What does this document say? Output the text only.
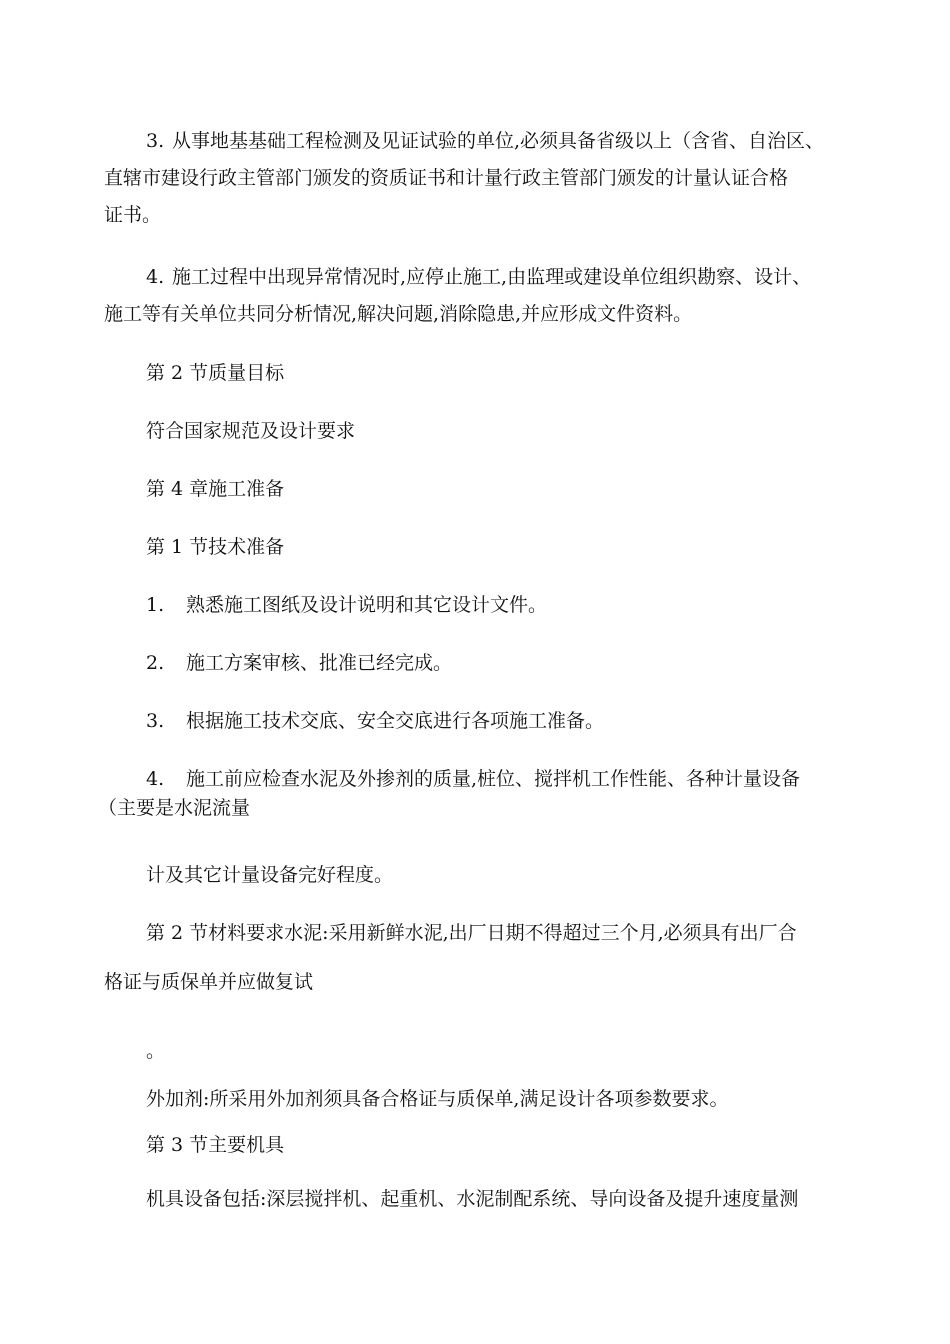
3. 从事地基基础工程检测及见证试验的单位,必须具备省级以上（含省、自治区、
直辖市建设行政主管部门颁发的资质证书和计量行政主管部门颁发的计量认证合格
证书。
4. 施工过程中出现异常情况时,应停止施工,由监理或建设单位组织勘察、设计、
施工等有关单位共同分析情况,解决问题,消除隐患,并应形成文件资料。
第 2 节质量目标
符合国家规范及设计要求
第 4 章施工准备
第 1 节技术准备
1. 熟悉施工图纸及设计说明和其它设计文件。
2. 施工方案审核、批准已经完成。
3. 根据施工技术交底、安全交底进行各项施工准备。
4. 施工前应检查水泥及外掺剂的质量,桩位、搅拌机工作性能、各种计量设备
（主要是水泥流量
计及其它计量设备完好程度。
第 2 节材料要求水泥:采用新鲜水泥,出厂日期不得超过三个月,必须具有出厂合
格证与质保单并应做复试
。
外加剂:所采用外加剂须具备合格证与质保单,满足设计各项参数要求。
第 3 节主要机具
机具设备包括:深层搅拌机、起重机、水泥制配系统、导向设备及提升速度量测
